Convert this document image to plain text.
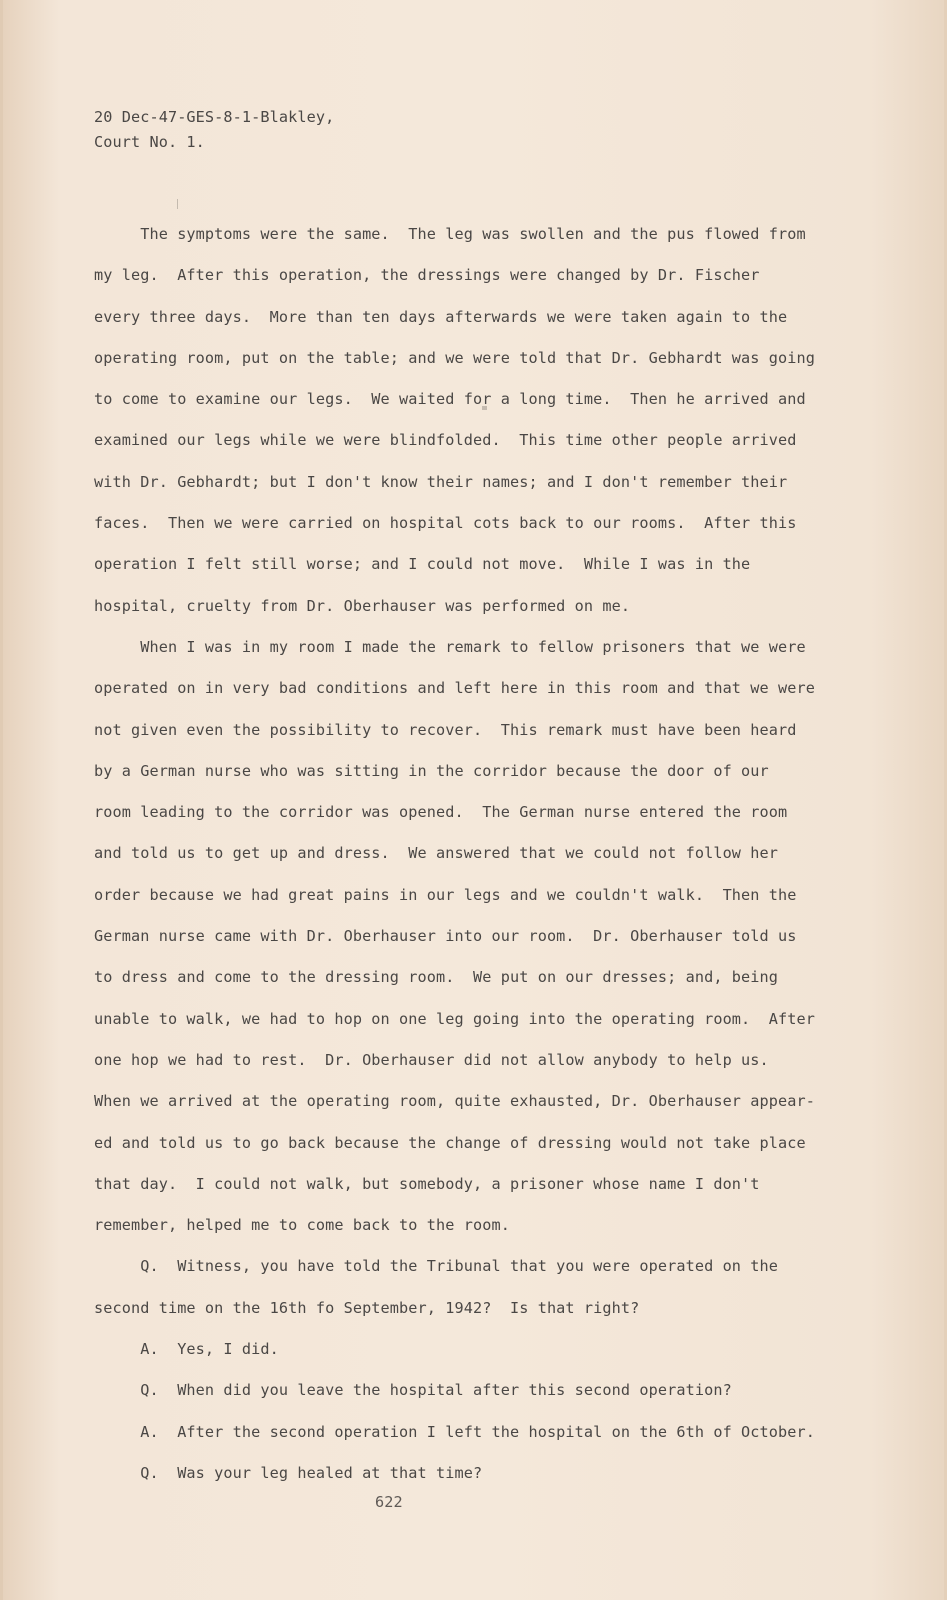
20 Dec-47-GES-8-1-Blakley,
Court No. 1.
The symptoms were the same.  The leg was swollen and the pus flowed from
my leg.  After this operation, the dressings were changed by Dr. Fischer
every three days.  More than ten days afterwards we were taken again to the
operating room, put on the table; and we were told that Dr. Gebhardt was going
to come to examine our legs.  We waited for a long time.  Then he arrived and
examined our legs while we were blindfolded.  This time other people arrived
with Dr. Gebhardt; but I don't know their names; and I don't remember their
faces.  Then we were carried on hospital cots back to our rooms.  After this
operation I felt still worse; and I could not move.  While I was in the
hospital, cruelty from Dr. Oberhauser was performed on me.
When I was in my room I made the remark to fellow prisoners that we were
operated on in very bad conditions and left here in this room and that we were
not given even the possibility to recover.  This remark must have been heard
by a German nurse who was sitting in the corridor because the door of our
room leading to the corridor was opened.  The German nurse entered the room
and told us to get up and dress.  We answered that we could not follow her
order because we had great pains in our legs and we couldn't walk.  Then the
German nurse came with Dr. Oberhauser into our room.  Dr. Oberhauser told us
to dress and come to the dressing room.  We put on our dresses; and, being
unable to walk, we had to hop on one leg going into the operating room.  After
one hop we had to rest.  Dr. Oberhauser did not allow anybody to help us.
When we arrived at the operating room, quite exhausted, Dr. Oberhauser appear-
ed and told us to go back because the change of dressing would not take place
that day.  I could not walk, but somebody, a prisoner whose name I don't
remember, helped me to come back to the room.
Q.  Witness, you have told the Tribunal that you were operated on the
second time on the 16th fo September, 1942?  Is that right?
A.  Yes, I did.
Q.  When did you leave the hospital after this second operation?
A.  After the second operation I left the hospital on the 6th of October.
Q.  Was your leg healed at that time?
622
